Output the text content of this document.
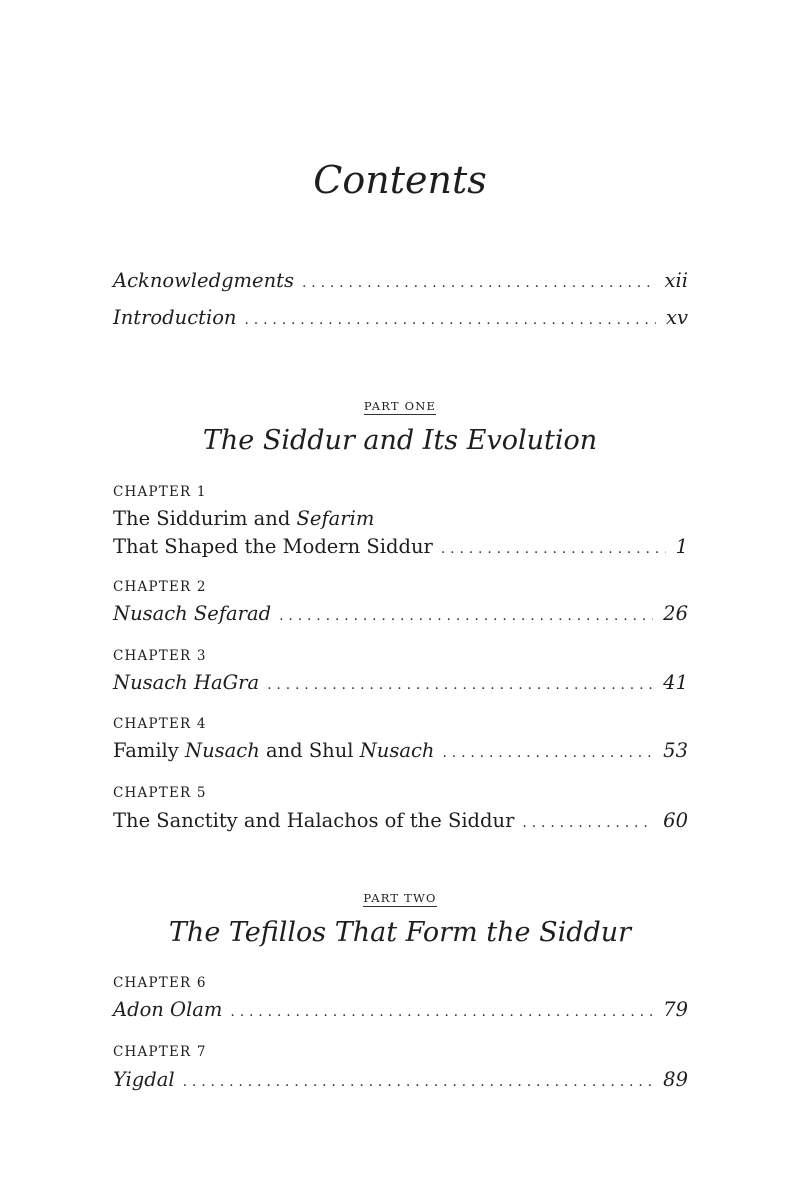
Contents
Acknowledgments . . .	xii
Introduction . . .	xv
PART ONE
The Siddur and Its Evolution
CHAPTER 1
The Siddurim and Sefarim
That Shaped the Modern Siddur . . .	1
CHAPTER 2
Nusach Sefarad . . .	26
CHAPTER 3
Nusach HaGra . . .	41
CHAPTER 4
Family Nusach and Shul Nusach . . .	53
CHAPTER 5
The Sanctity and Halachos of the Siddur . . .	60
PART TWO
The Tefillos That Form the Siddur
CHAPTER 6
Adon Olam . . .	79
CHAPTER 7
Yigdal . . .	89
